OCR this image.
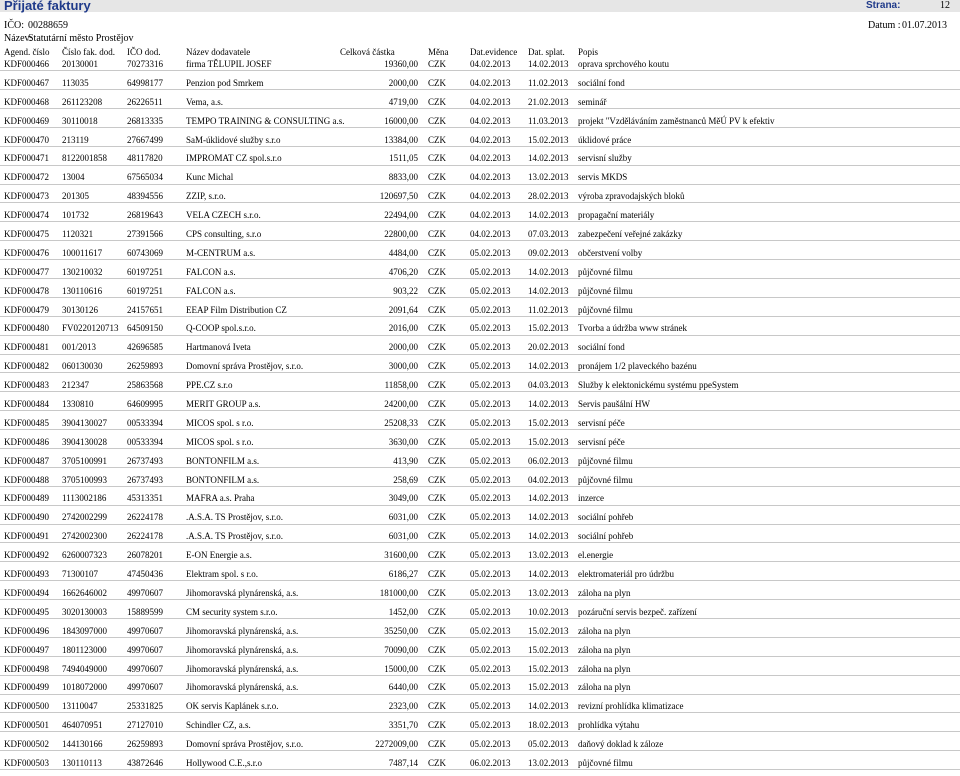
Přijaté faktury	Strana:	12
IČO: 00288659
Název:
Statutární město Prostějov
Datum : 01.07.2013
Agend. číslo Číslo fak. dod. IČO dod.	Název dodavatele	Celková částka	Měna Dat.evidence Dat. splat. Popis
KDF000466 20130001	70273316	firma TĚLUPIL JOSEF	19360,00 CZK	04.02.2013 14.02.2013 oprava sprchového koutu
KDF000467 113035	64998177	Penzion pod Smrkem	2000,00 CZK	04.02.2013 11.02.2013 sociální fond
KDF000468 261123208	26226511	Vema, a.s.	4719,00 CZK	04.02.2013 21.02.2013 seminář
KDF000469 30110018	26813335	TEMPO TRAINING & CONSULTING a.s.	16000,00 CZK	04.02.2013 11.03.2013 projekt "Vzděláváním zaměstnanců MěÚ PV k efektiv
KDF000470 213119	27667499	SaM-úklidové služby s.r.o	13384,00 CZK	04.02.2013 15.02.2013 úklidové práce
KDF000471 8122001858 48117820	IMPROMAT CZ spol.s.r.o	1511,05 CZK	04.02.2013 14.02.2013 servisní služby
KDF000472 13004	67565034	Kunc Michal	8833,00 CZK	04.02.2013 13.02.2013 servis MKDS
KDF000473 201305	48394556	ZZIP, s.r.o.	120697,50 CZK	04.02.2013 28.02.2013 výroba zpravodajských bloků
KDF000474 101732	26819643	VELA CZECH s.r.o.	22494,00 CZK	04.02.2013 14.02.2013 propagační materiály
KDF000475 1120321	27391566	CPS consulting, s.r.o	22800,00 CZK	04.02.2013 07.03.2013 zabezpečení veřejné zakázky
KDF000476 100011617	60743069	M-CENTRUM a.s.	4484,00 CZK	05.02.2013 09.02.2013 občerstvení volby
KDF000477 130210032	60197251	FALCON a.s.	4706,20 CZK	05.02.2013 14.02.2013 půjčovné filmu
KDF000478 130110616	60197251	FALCON a.s.	903,22 CZK	05.02.2013 14.02.2013 půjčovné filmu
KDF000479 30130126	24157651	EEAP Film Distribution CZ	2091,64 CZK	05.02.2013 11.02.2013 půjčovné filmu
KDF000480 FV0220120713 64509150	Q-COOP spol.s.r.o.	2016,00 CZK	05.02.2013 15.02.2013 Tvorba a údržba www stránek
KDF000481 001/2013	42696585	Hartmanová Iveta	2000,00 CZK	05.02.2013 20.02.2013 sociální fond
KDF000482 060130030	26259893	Domovní správa Prostějov, s.r.o.	3000,00 CZK	05.02.2013 14.02.2013 pronájem 1/2 plaveckého bazénu
KDF000483 212347	25863568	PPE.CZ s.r.o	11858,00 CZK	05.02.2013 04.03.2013 Služby k elektonickému systému ppeSystem
KDF000484 1330810	64609995	MERIT GROUP a.s.	24200,00 CZK	05.02.2013 14.02.2013 Servis paušální HW
KDF000485 3904130027 00533394	MICOS spol. s r.o.	25208,33 CZK	05.02.2013 15.02.2013 servisní péče
KDF000486 3904130028 00533394	MICOS spol. s r.o.	3630,00 CZK	05.02.2013 15.02.2013 servisní péče
KDF000487 3705100991 26737493	BONTONFILM a.s.	413,90 CZK	05.02.2013 06.02.2013 půjčovné filmu
KDF000488 3705100993 26737493	BONTONFILM a.s.	258,69 CZK	05.02.2013 04.02.2013 půjčovné filmu
KDF000489 1113002186 45313351	MAFRA a.s. Praha	3049,00 CZK	05.02.2013 14.02.2013 inzerce
KDF000490 2742002299 26224178	.A.S.A. TS Prostějov, s.r.o.	6031,00 CZK	05.02.2013 14.02.2013 sociální pohřeb
KDF000491 2742002300 26224178	.A.S.A. TS Prostějov, s.r.o.	6031,00 CZK	05.02.2013 14.02.2013 sociální pohřeb
KDF000492 6260007323 26078201	E-ON Energie a.s.	31600,00 CZK	05.02.2013 13.02.2013 el.energie
KDF000493 71300107	47450436	Elektram spol. s r.o.	6186,27 CZK	05.02.2013 14.02.2013 elektromateriál pro údržbu
KDF000494 1662646002 49970607	Jihomoravská plynárenská, a.s.	181000,00 CZK	05.02.2013 13.02.2013 záloha na plyn
KDF000495 3020130003 15889599	CM security system s.r.o.	1452,00 CZK	05.02.2013 10.02.2013 pozáruční servis bezpeč. zařízení
KDF000496 1843097000 49970607	Jihomoravská plynárenská, a.s.	35250,00 CZK	05.02.2013 15.02.2013 záloha na plyn
KDF000497 1801123000 49970607	Jihomoravská plynárenská, a.s.	70090,00 CZK	05.02.2013 15.02.2013 záloha na plyn
KDF000498 7494049000 49970607	Jihomoravská plynárenská, a.s.	15000,00 CZK	05.02.2013 15.02.2013 záloha na plyn
KDF000499 1018072000 49970607	Jihomoravská plynárenská, a.s.	6440,00 CZK	05.02.2013 15.02.2013 záloha na plyn
KDF000500 13110047	25331825	OK servis Kaplánek s.r.o.	2323,00 CZK	05.02.2013 14.02.2013 revizní prohlídka klimatizace
KDF000501 464070951	27127010	Schindler CZ, a.s.	3351,70 CZK	05.02.2013 18.02.2013 prohlídka výtahu
KDF000502 144130166	26259893	Domovní správa Prostějov, s.r.o.	2272009,00 CZK	05.02.2013 05.02.2013 daňový doklad k záloze
KDF000503 130110113	43872646	Hollywood C.E.,s.r.o	7487,14 CZK	06.02.2013 13.02.2013 půjčovné filmu
